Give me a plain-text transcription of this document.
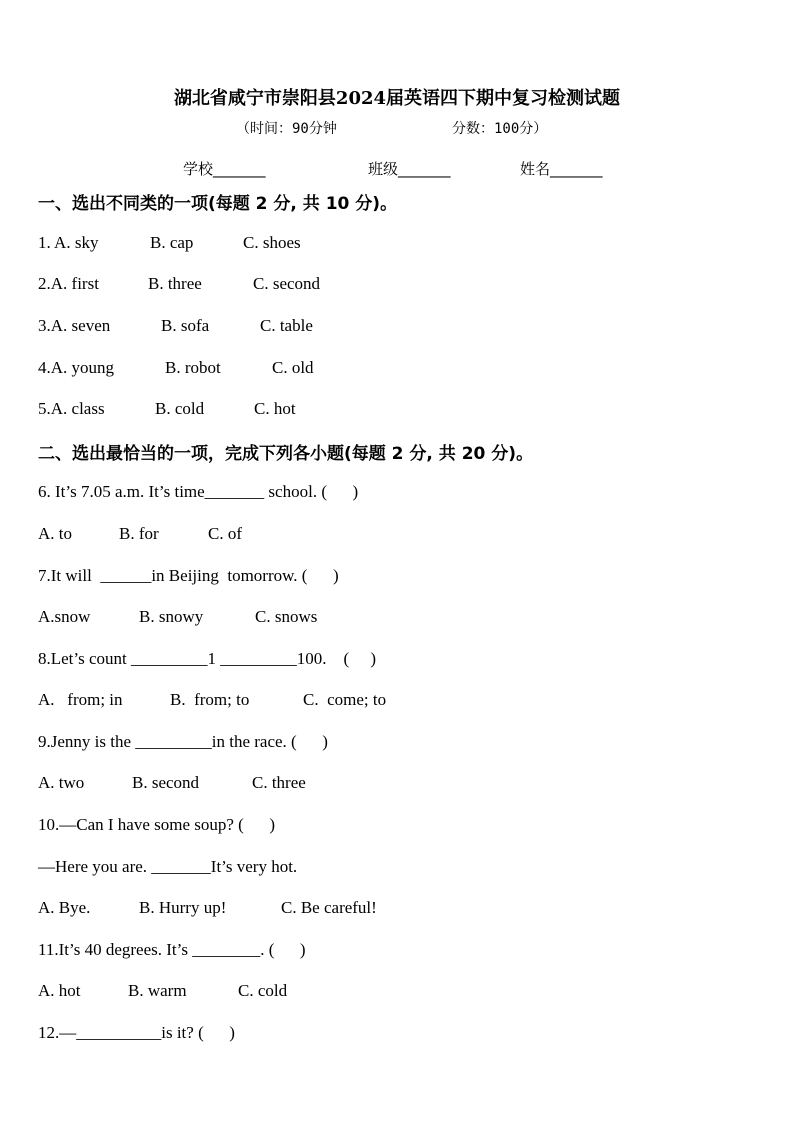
湖北省咸宁市崇阳县2024届英语四下期中复习检测试题
（时间：90分钟	分数：100分）
学校_______	班级_______	姓名_______
一、选出不同类的一项(每题 2 分, 共 10 分)。
1. A. sky	B. cap	C. shoes
2.A. first	B. three	C. second
3.A. seven	B. sofa	C. table
4.A. young	B. robot	C. old
5.A. class	B. cold	C. hot
二、选出最恰当的一项，完成下列各小题(每题 2 分, 共 20 分)。
6. It’s 7.05 a.m. It’s time_______ school. (      )
A. to	B. for	C. of
7.It will  ______in Beijing  tomorrow. (      )
A.snow	B. snowy	C. snows
8.Let’s count _________1 _________100.    (     )
A.   from; in	B.  from; to	C.  come; to
9.Jenny is the _________in the race. (      )
A. two	B. second	C. three
10.—Can I have some soup? (      )
—Here you are. _______It’s very hot.
A. Bye.	B. Hurry up!	C. Be careful!
11.It’s 40 degrees. It’s ________. (      )
A. hot	B. warm	C. cold
12.—__________is it? (      )
